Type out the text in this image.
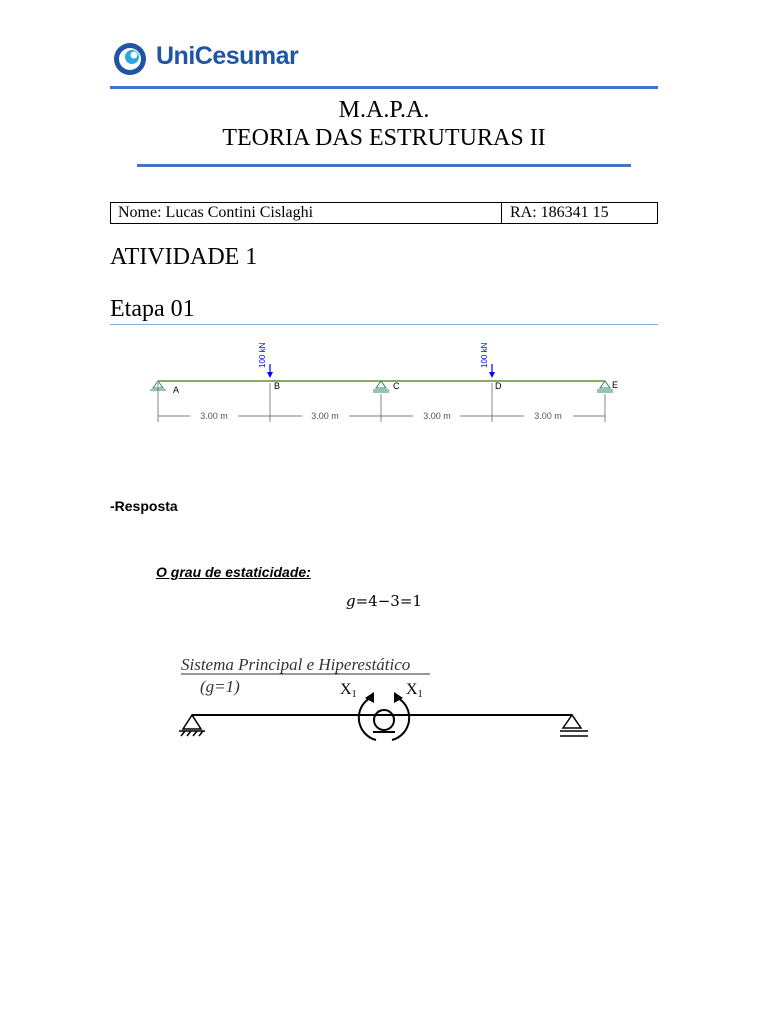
UniCesumar
M.A.P.A.
TEORIA DAS ESTRUTURAS II
Nome: Lucas Contini Cislaghi	RA: 186341 15
ATIVIDADE 1
Etapa 01
100 kN	100 kN
A	B	C	D	E
3.00 m	3.00 m	3.00 m	3.00 m
-Resposta
O grau de estaticidade:
g=4−3=1
Sistema Principal e Hiperestático
(g=1)	X1	X1
